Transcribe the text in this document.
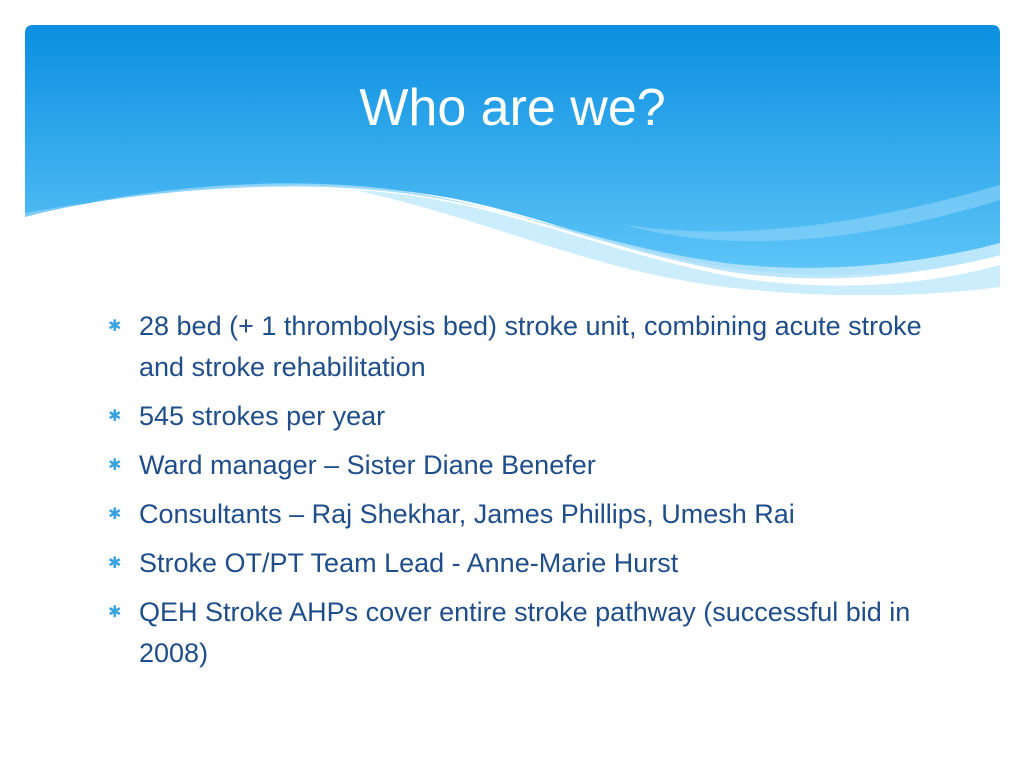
Who are we?
✱ 28 bed (+ 1 thrombolysis bed) stroke unit, combining acute stroke and stroke rehabilitation
✱ 545 strokes per year
✱ Ward manager – Sister Diane Benefer
✱ Consultants – Raj Shekhar, James Phillips, Umesh Rai
✱ Stroke OT/PT Team Lead - Anne-Marie Hurst
✱ QEH Stroke AHPs cover entire stroke pathway (successful bid in 2008)
